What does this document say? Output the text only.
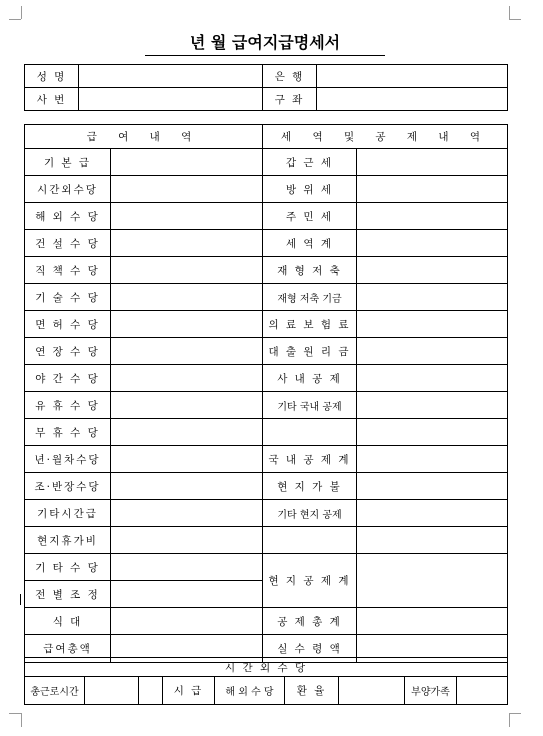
년 월 급여지급명세서
성 명		은 행	
사 번		구 좌	
급 여 내 역		세 역 및 공 제 내 역	
기 본 급		갑 근 세	
시간외수당		방 위 세	
해 외 수 당		주 민 세	
건 설 수 당		세 역 계	
직 책 수 당		재 형 저 축	
기 술 수 당		재형 저축 기금	
면 허 수 당		의 료 보 험 료	
연 장 수 당		대 출 원 리 금	
야 간 수 당		사 내 공 제	
유 휴 수 당		기타 국내 공제	
무 휴 수 당			
년·월차수당		국 내 공 제 계	
조·반장수당		현 지 가 불	
기타시간급		기타 현지 공제	
현지휴가비			
기 타 수 당		현 지 공 제 계	
전 별 조 정			
식 대		공 제 총 계	
급여총액		실 수 령 액	
시 간 외 수 당
총근로시간			시 급	해 외 수 당	환 율		부양가족	
